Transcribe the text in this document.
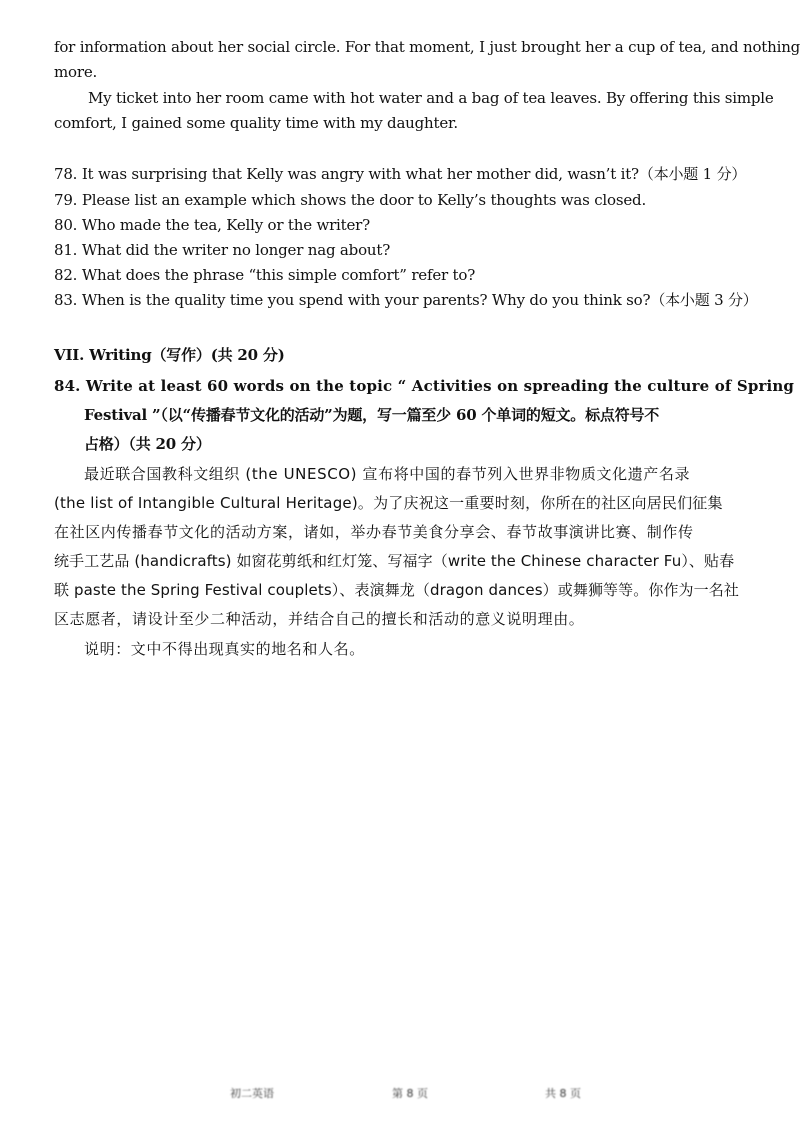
for information about her social circle. For that moment, I just brought her a cup of tea, and nothing
more.
My ticket into her room came with hot water and a bag of tea leaves. By offering this simple
comfort, I gained some quality time with my daughter.
78. It was surprising that Kelly was angry with what her mother did, wasn’t it?（本小题 1 分）
79. Please list an example which shows the door to Kelly’s thoughts was closed.
80. Who made the tea, Kelly or the writer?
81. What did the writer no longer nag about?
82. What does the phrase “this simple comfort” refer to?
83. When is the quality time you spend with your parents? Why do you think so?（本小题 3 分）
VII. Writing（写作）(共 20 分)
84. Write at least 60 words on the topic “ Activities on spreading the culture of Spring
Festival ”（以“传播春节文化的活动”为题，写一篇至少 60 个单词的短文。标点符号不
占格）（共 20 分）
最近联合国教科文组织 (the UNESCO) 宣布将中国的春节列入世界非物质文化遗产名录
(the list of Intangible Cultural Heritage)。为了庆祝这一重要时刻，你所在的社区向居民们征集
在社区内传播春节文化的活动方案，诸如，举办春节美食分享会、春节故事演讲比赛、制作传
统手工艺品 (handicrafts) 如窗花剪纸和红灯笼、写福字（write the Chinese character Fu）、贴春
联 paste the Spring Festival couplets）、表演舞龙（dragon dances）或舞狮等等。你作为一名社
区志愿者，请设计至少二种活动，并结合自己的擅长和活动的意义说明理由。
说明：文中不得出现真实的地名和人名。
初二英语	第 8 页	共 8 页
